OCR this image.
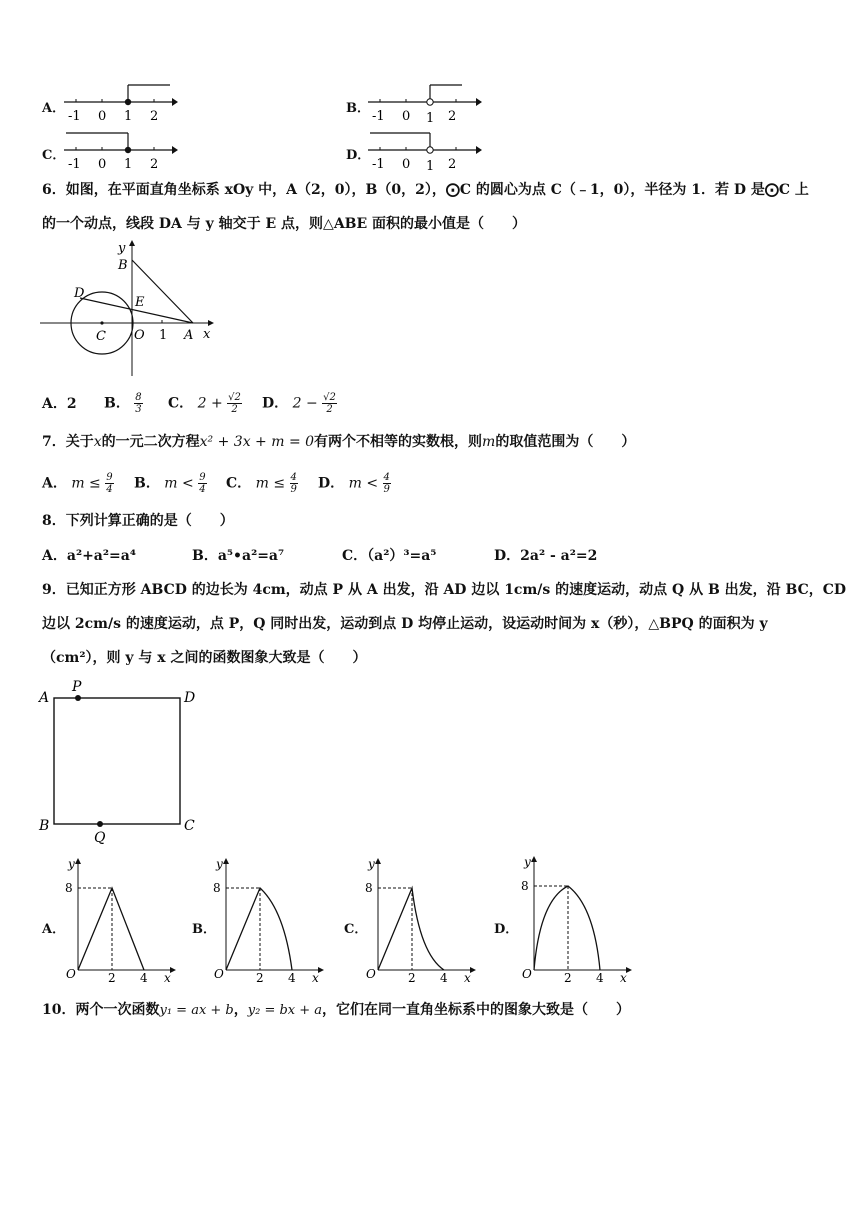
A．
-1 0 1 2
B．
-1 0 1 2
C．
-1 0 1 2
D．
-1 0 1 2
6．如图，在平面直角坐标系 xOy 中，A（2，0），B（0，2），⨀C 的圆心为点 C（﹣1，0），半径为 1．若 D 是⨀C 上
的一个动点，线段 DA 与 y 轴交于 E 点，则△ABE 面积的最小值是（　　）
y
B
D
E
C O 1 A x
A．2 B． $\frac{8}{3}$ C． $2 + \frac{√2}{2}$ D． $2 - \frac{√2}{2}$
7．关于x的一元二次方程x² + 3x + m = 0有两个不相等的实数根，则m的取值范围为（　　）
A． $m \le \frac{9}{4}$ B． $m < \frac{9}{4}$ C． $m \le \frac{4}{9}$ D． $m < \frac{4}{9}$
8．下列计算正确的是（　　）
A．a²+a²=a⁴	B．a⁵•a²=a⁷	C．（a²）³=a⁵	D．2a² - a²=2
9．已知正方形 ABCD 的边长为 4cm，动点 P 从 A 出发，沿 AD 边以 1cm/s 的速度运动，动点 Q 从 B 出发，沿 BC，CD
边以 2cm/s 的速度运动，点 P，Q 同时出发，运动到点 D 均停止运动，设运动时间为 x（秒），△BPQ 的面积为 y
（cm²），则 y 与 x 之间的函数图象大致是（　　）
A
P
D
B
Q
C
A．
y
8
O	2 4 x
B．
y
8
O	2 4 x
C．
y
8
O	2 4 x
D．
y
8
O	2 4 x
10．两个一次函数y₁ = ax + b，y₂ = bx + a，它们在同一直角坐标系中的图象大致是（　　）
